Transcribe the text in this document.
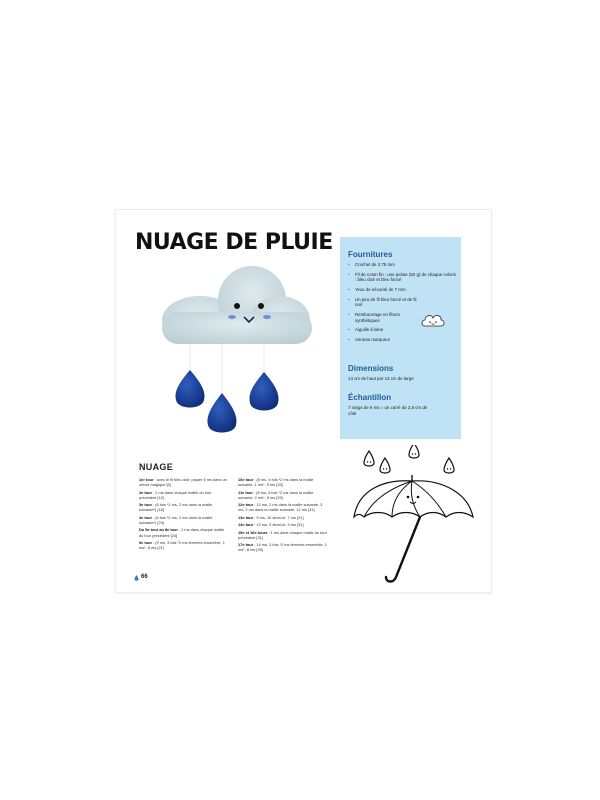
NUAGE DE PLUIE Fournitures
• Crochet de 2,75 mm
• Fil de coton fin : une pelote (50 g) de chaque coloris : bleu clair et bleu foncé
• Yeux de sécurité de 7 mm
• Un peu de fil bleu foncé et de fil noir
• Rembourrage en fibres synthétiques
• Aiguille à laine
• Anneau marqueur
Dimensions
14 cm de haut par 13 cm de large
Échantillon
7 rangs de 6 ms = un carré de 2,5 cm de côté
NUAGE

1er tour : avec le fil bleu clair, piquer 6 ms dans un cercle magique [6]

2e tour : 2 ms dans chaque maille du tour précédent [12]

3e tour : (6 fois *1 ms, 2 ms dans la maille suivante*) [18]

4e tour : (6 fois *2 ms, 2 ms dans la maille suivante*) [24]

Du 5e tour au 8e tour : 1 ms dans chaque maille du tour précédent [24]

9e tour : (9 ms, 3 fois *2 ms fermées ensemble, 1 ms*, 6 ms [21]

10e tour : (8 ms, 4 fois *2 ms dans la maille suivante, 1 ms*, 5 ms [25]

11e tour : (8 ms, 4 fois *2 ms dans la maille suivante, 2 ms*, 5 ms [29]

12e tour : 12 ms, 2 ms dans la maille suivante, 3 ms, 2 ms dans la maille suivante, 12 ms [31]

13e tour : 9 ms, 15 demi-br, 7 ms [31]

14e tour : 13 ms, 9 demi-br, 9 ms [31]

15e et 16e tours : 1 ms dans chaque maille du tour précédent [31]

17e tour : 14 ms, 3 fois *2 ms fermées ensemble, 1 ms*, 8 ms [28]

66
